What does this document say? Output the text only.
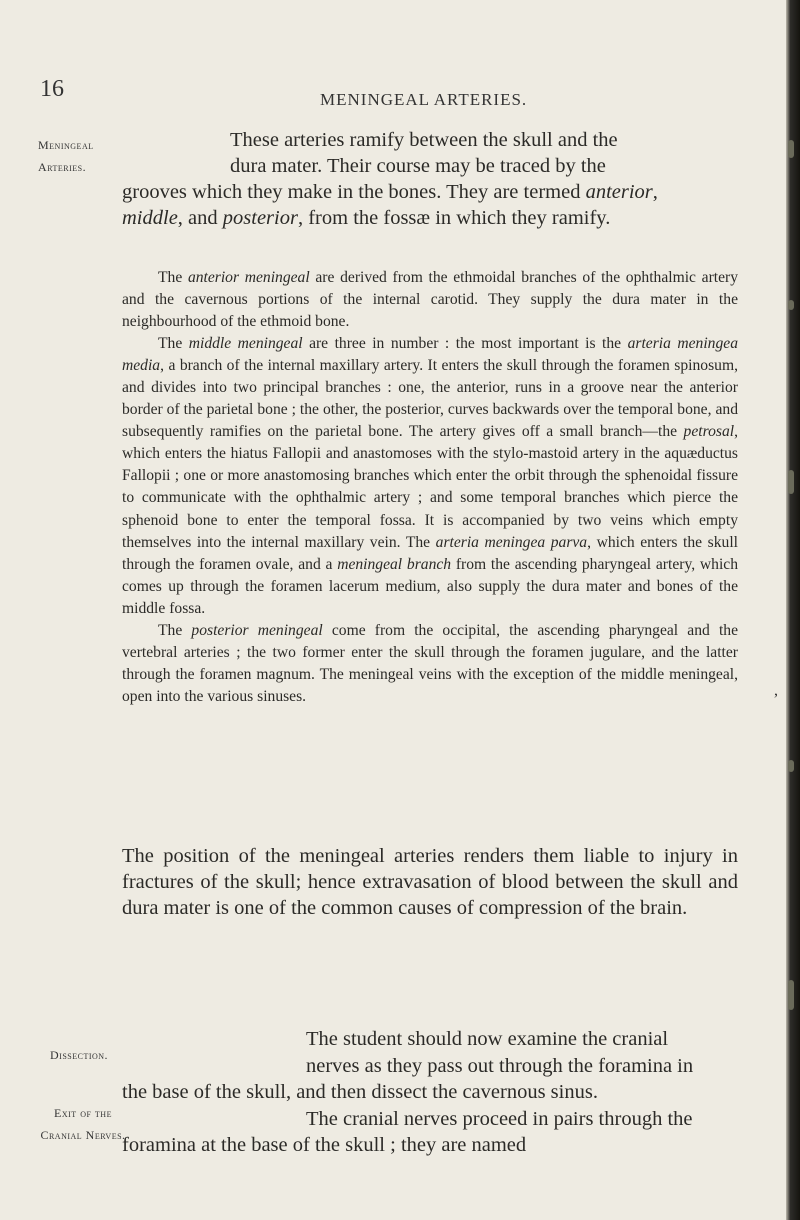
16	MENINGEAL ARTERIES.
Meningeal
Arteries.
Dissection.
Exit of the
Cranial Nerves.
These arteries ramify between the skull and the
dura mater. Their course may be traced by the
grooves which they make in the bones. They are termed anterior,
middle, and posterior, from the fossæ in which they ramify.

The anterior meningeal are derived from the ethmoidal branches of the ophthalmic artery and the cavernous portions of the internal carotid. They supply the dura mater in the neighbourhood of the ethmoid bone.

The middle meningeal are three in number : the most important is the arteria meningea media, a branch of the internal maxillary artery. It enters the skull through the foramen spinosum, and divides into two principal branches : one, the anterior, runs in a groove near the anterior border of the parietal bone ; the other, the posterior, curves backwards over the temporal bone, and subsequently ramifies on the parietal bone. The artery gives off a small branch—the petrosal, which enters the hiatus Fallopii and anastomoses with the stylo-mastoid artery in the aquæductus Fallopii ; one or more anastomosing branches which enter the orbit through the sphenoidal fissure to communicate with the ophthalmic artery ; and some temporal branches which pierce the sphenoid bone to enter the temporal fossa. It is accompanied by two veins which empty themselves into the internal maxillary vein. The arteria meningea parva, which enters the skull through the foramen ovale, and a meningeal branch from the ascending pharyngeal artery, which comes up through the foramen lacerum medium, also supply the dura mater and bones of the middle fossa.

The posterior meningeal come from the occipital, the ascending pharyngeal and the vertebral arteries ; the two former enter the skull through the foramen jugulare, and the latter through the foramen magnum. The meningeal veins with the exception of the middle meningeal, open into the various sinuses.	,

The position of the meningeal arteries renders them liable to injury in fractures of the skull; hence extravasation of blood between the skull and dura mater is one of the common causes of compression of the brain.

The student should now examine the cranial
nerves as they pass out through the foramina in
the base of the skull, and then dissect the cavernous sinus.
The cranial nerves proceed in pairs through the
foramina at the base of the skull ; they are named
